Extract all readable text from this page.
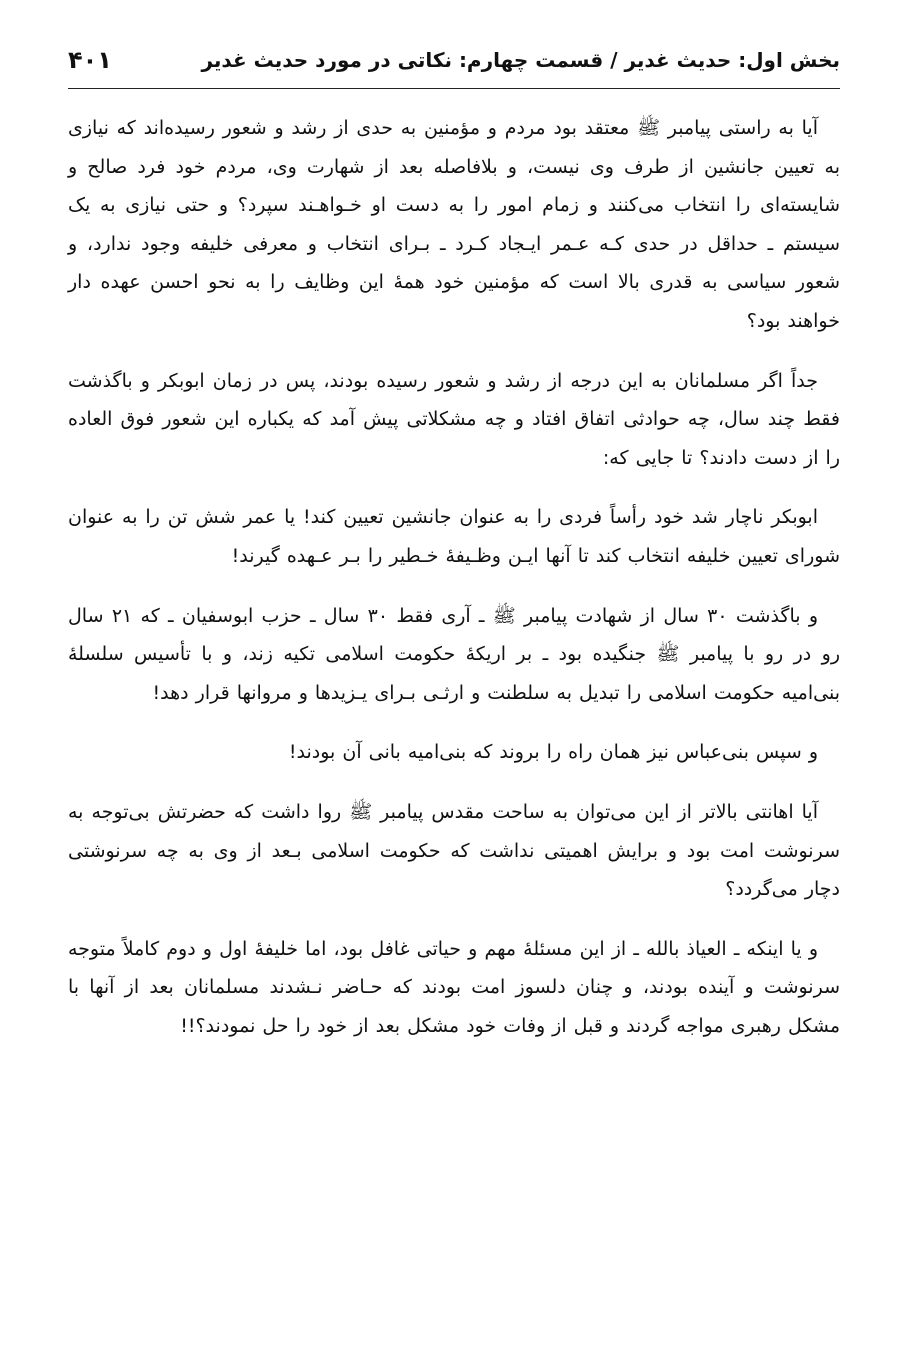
بخش اول: حدیث غدیر / قسمت چهارم: نکاتی در مورد حدیث غدیر
۴۰۱

آیا به راستی پیامبر ﷺ معتقد بود مردم و مؤمنین به حدی از رشد و شعور رسیده‌اند که نیازی به تعیین جانشین از طرف وی نیست، و بلافاصله بعد از شهارت وی، مردم خود فرد صالح و شایسته‌ای را انتخاب می‌کنند و زمام امور را به دست او خـواهـند سپرد؟ و حتی نیازی به یک سیستم ـ حداقل در حدی کـه عـمر ایـجاد کـرد ـ بـرای انتخاب و معرفی خلیفه وجود ندارد، و شعور سیاسی به قدری بالا است که مؤمنین خود همهٔ این وظایف را به نحو احسن عهده دار خواهند بود؟

جداً اگر مسلمانان به این درجه از رشد و شعور رسیده بودند، پس در زمان ابوبکر و باگذشت فقط چند سال، چه حوادثی اتفاق افتاد و چه مشکلاتی پیش آمد که یکباره این شعور فوق العاده را از دست دادند؟ تا جایی که:

ابوبکر ناچار شد خود رأساً فردی را به عنوان جانشین تعیین کند! یا عمر شش تن را به عنوان شورای تعیین خلیفه انتخاب کند تا آنها ایـن وظـیفهٔ خـطیر را بـر عـهده گیرند!

و باگذشت ۳۰ سال از شهادت پیامبر ﷺ ـ آری فقط ۳۰ سال ـ حزب ابوسفیان ـ که ۲۱ سال رو در رو با پیامبر ﷺ جنگیده بود ـ بر اریکهٔ حکومت اسلامی تکیه زند، و با تأسیس سلسلهٔ بنی‌امیه حکومت اسلامی را تبدیل به سلطنت و ارثـی بـرای یـزیدها و مروانها قرار دهد!

و سپس بنی‌عباس نیز همان راه را بروند که بنی‌امیه بانی آن بودند!

آیا اهانتی بالاتر از این می‌توان به ساحت مقدس پیامبر ﷺ روا داشت که حضرتش بی‌توجه به سرنوشت امت بود و برایش اهمیتی نداشت که حکومت اسلامی بـعد از وی به چه سرنوشتی دچار می‌گردد؟

و یا اینکه ـ العیاذ بالله ـ از این مسئلهٔ مهم و حیاتی غافل بود، اما خلیفهٔ اول و دوم کاملاً متوجه سرنوشت و آینده بودند، و چنان دلسوز امت بودند که حـاضر نـشدند مسلمانان بعد از آنها با مشکل رهبری مواجه گردند و قبل از وفات خود مشکل بعد از خود را حل نمودند؟!!
